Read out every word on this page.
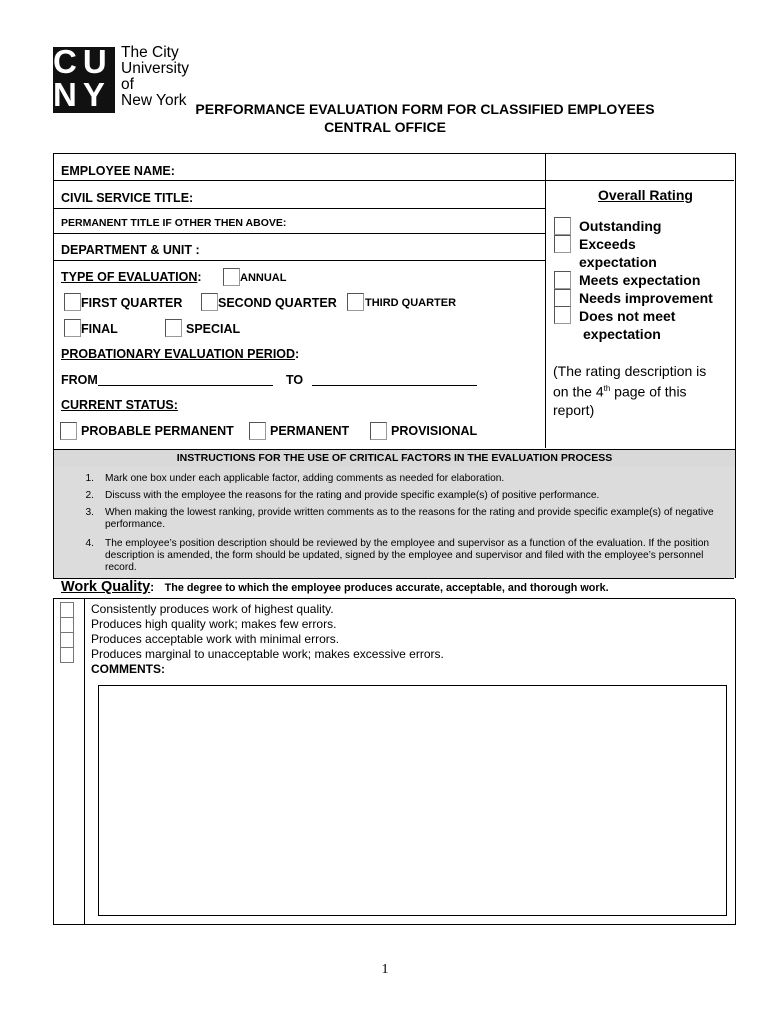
CU
NY
The City
University
of
New York PERFORMANCE EVALUATION FORM FOR CLASSIFIED EMPLOYEES
CENTRAL OFFICE
EMPLOYEE NAME:
CIVIL SERVICE TITLE:
PERMANENT TITLE IF OTHER THEN ABOVE:
DEPARTMENT & UNIT :
TYPE OF EVALUATION:	ANNUAL
FIRST QUARTER	SECOND QUARTER	THIRD QUARTER
FINAL	SPECIAL
PROBATIONARY EVALUATION PERIOD:
FROM	TO
CURRENT STATUS:
PROBABLE PERMANENT	PERMANENT	PROVISIONAL
Overall Rating
Outstanding
Exceeds
expectation
Meets expectation
Needs improvement
Does not meet
expectation
(The rating description is
on the 4th page of this
report)
INSTRUCTIONS FOR THE USE OF CRITICAL FACTORS IN THE EVALUATION PROCESS
1. Mark one box under each applicable factor, adding comments as needed for elaboration.
2. Discuss with the employee the reasons for the rating and provide specific example(s) of positive performance.
3. When making the lowest ranking, provide written comments as to the reasons for the rating and provide specific example(s) of negative performance.
4. The employee’s position description should be reviewed by the employee and supervisor as a function of the evaluation. If the position description is amended, the form should be updated, signed by the employee and supervisor and filed with the employee’s personnel record.
Work Quality: The degree to which the employee produces accurate, acceptable, and thorough work.
Consistently produces work of highest quality.
Produces high quality work; makes few errors.
Produces acceptable work with minimal errors.
Produces marginal to unacceptable work; makes excessive errors.
COMMENTS:
1
